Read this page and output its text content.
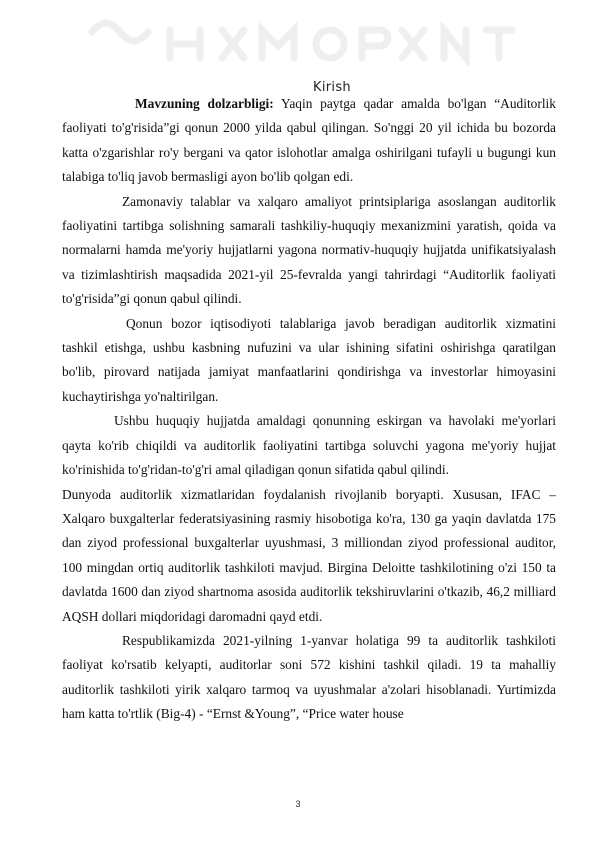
Kirish

Mavzuning dolzarbligi: Yaqin paytga qadar amalda bo'lgan “Auditorlik faoliyati to'g'risida”gi qonun 2000 yilda qabul qilingan. So'nggi 20 yil ichida bu bozorda katta o'zgarishlar ro'y bergani va qator islohotlar amalga oshirilgani tufayli u bugungi kun talabiga to'liq javob bermasligi ayon bo'lib qolgan edi.

Zamonaviy talablar va xalqaro amaliyot printsiplariga asoslangan auditorlik faoliyatini tartibga solishning samarali tashkiliy-huquqiy mexanizmini yaratish, qoida va normalarni hamda me'yoriy hujjatlarni yagona normativ-huquqiy hujjatda unifikatsiyalash va tizimlashtirish maqsadida 2021-yil 25-fevralda yangi tahrirdagi “Auditorlik faoliyati to'g'risida”gi qonun qabul qilindi.

Qonun bozor iqtisodiyoti talablariga javob beradigan auditorlik xizmatini tashkil etishga, ushbu kasbning nufuzini va ular ishining sifatini oshirishga qaratilgan bo'lib, pirovard natijada jamiyat manfaatlarini qondirishga va investorlar himoyasini kuchaytirishga yo'naltirilgan.

Ushbu huquqiy hujjatda amaldagi qonunning eskirgan va havolaki me'yorlari qayta ko'rib chiqildi va auditorlik faoliyatini tartibga soluvchi yagona me'yoriy hujjat ko'rinishida to'g'ridan-to'g'ri amal qiladigan qonun sifatida qabul qilindi.

Dunyoda auditorlik xizmatlaridan foydalanish rivojlanib boryapti. Xususan, IFAC – Xalqaro buxgalterlar federatsiyasining rasmiy hisobotiga ko'ra, 130 ga yaqin davlatda 175 dan ziyod professional buxgalterlar uyushmasi, 3 milliondan ziyod professional auditor, 100 mingdan ortiq auditorlik tashkiloti mavjud. Birgina Deloitte tashkilotining o'zi 150 ta davlatda 1600 dan ziyod shartnoma asosida auditorlik tekshiruvlarini o'tkazib, 46,2 milliard AQSH dollari miqdoridagi daromadni qayd etdi.

Respublikamizda 2021-yilning 1-yanvar holatiga 99 ta auditorlik tashkiloti faoliyat ko'rsatib kelyapti, auditorlar soni 572 kishini tashkil qiladi. 19 ta mahalliy auditorlik tashkiloti yirik xalqaro tarmoq va uyushmalar a'zolari hisoblanadi. Yurtimizda ham katta to'rtlik (Big-4) - “Ernst &Young”, “Price water house

3
